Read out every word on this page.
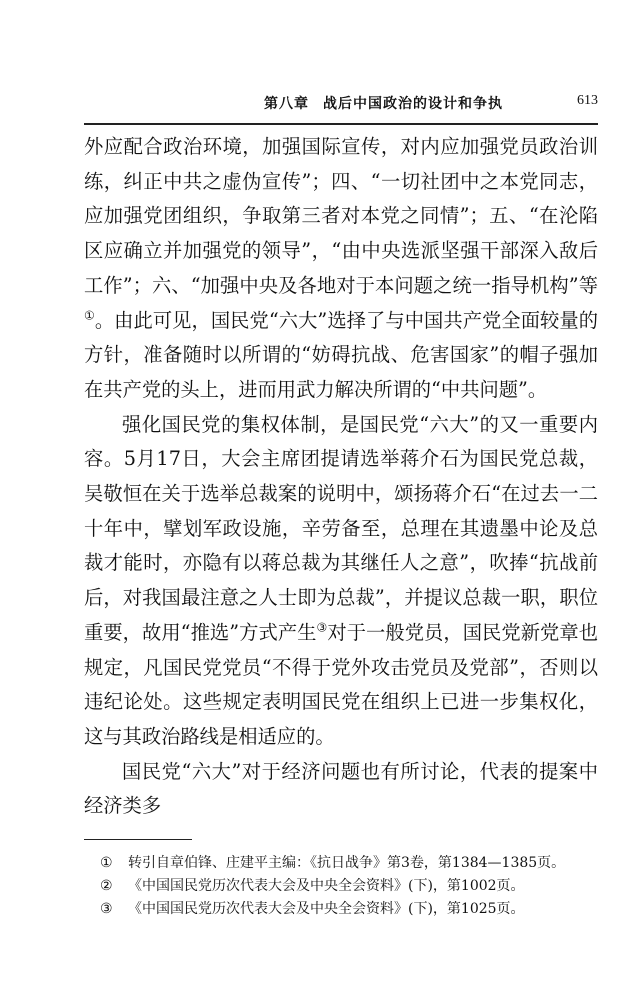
第八章 战后中国政治的设计和争执	613

外应配合政治环境，加强国际宣传，对内应加强党员政治训练，纠正中共之虚伪宣传”；四、“一切社团中之本党同志，应加强党团组织，争取第三者对本党之同情”；五、“在沦陷区应确立并加强党的领导”，“由中央选派坚强干部深入敌后工作”；六、“加强中央及各地对于本问题之统一指导机构”等①。由此可见，国民党“六大”选择了与中国共产党全面较量的方针，准备随时以所谓的“妨碍抗战、危害国家”的帽子强加在共产党的头上，进而用武力解决所谓的“中共问题”。

强化国民党的集权体制，是国民党“六大”的又一重要内容。5月17日，大会主席团提请选举蒋介石为国民党总裁，吴敬恒在关于选举总裁案的说明中，颂扬蒋介石“在过去一二十年中，擘划军政设施，辛劳备至，总理在其遗墨中论及总裁才能时，亦隐有以蒋总裁为其继任人之意”，吹捧“抗战前后，对我国最注意之人士即为总裁”，并提议总裁一职，职位重要，故用“推选”方式产生③对于一般党员，国民党新党章也规定，凡国民党党员“不得于党外攻击党员及党部”，否则以违纪论处。这些规定表明国民党在组织上已进一步集权化，这与其政治路线是相适应的。

国民党“六大”对于经济问题也有所讨论，代表的提案中经济类多

① 转引自章伯锋、庄建平主编：《抗日战争》第3卷，第1384—1385页。
② 《中国国民党历次代表大会及中央全会资料》(下)，第1002页。
③ 《中国国民党历次代表大会及中央全会资料》(下)，第1025页。
